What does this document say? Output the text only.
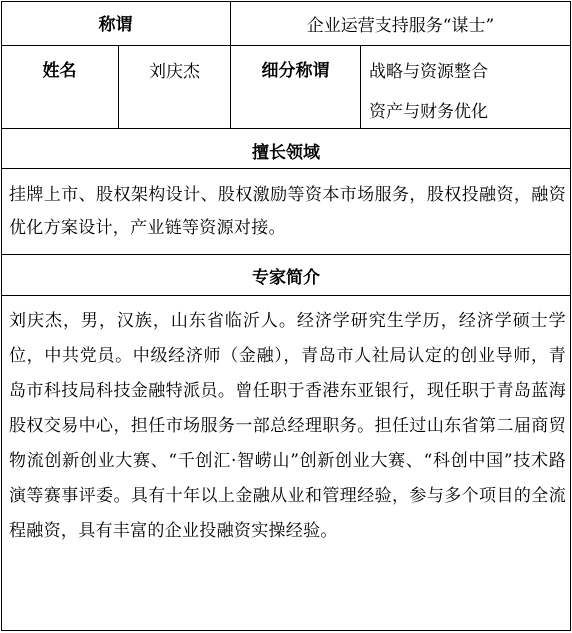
称谓	企业运营支持服务“谋士”
姓名	刘庆杰	细分称谓	战略与资源整合
资产与财务优化
擅长领域
挂牌上市、股权架构设计、股权激励等资本市场服务，股权投融资，融资优化方案设计，产业链等资源对接。
专家简介
刘庆杰，男，汉族，山东省临沂人。经济学研究生学历，经济学硕士学位，中共党员。中级经济师（金融），青岛市人社局认定的创业导师，青岛市科技局科技金融特派员。曾任职于香港东亚银行，现任职于青岛蓝海股权交易中心，担任市场服务一部总经理职务。担任过山东省第二届商贸物流创新创业大赛、“千创汇·智崂山”创新创业大赛、“科创中国”技术路演等赛事评委。具有十年以上金融从业和管理经验，参与多个项目的全流程融资，具有丰富的企业投融资实操经验。
